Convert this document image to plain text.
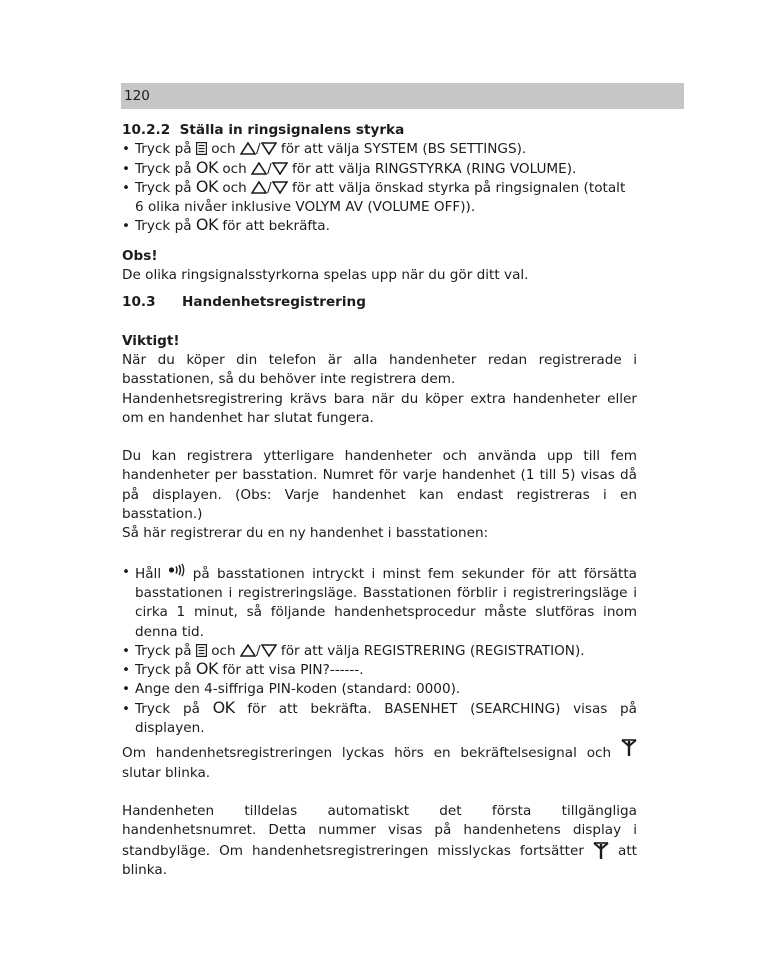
120

10.2.2 Ställa in ringsignalens styrka

• Tryck på och / för att välja SYSTEM (BS SETTINGS).

• Tryck på OK och / för att välja RINGSTYRKA (RING VOLUME).

• Tryck på OK och / för att välja önskad styrka på ringsignalen (totalt
6 olika nivåer inklusive VOLYM AV (VOLUME OFF)).

• Tryck på OK för att bekräfta.

Obs!

De olika ringsignalsstyrkorna spelas upp när du gör ditt val.

10.3 Handenhetsregistrering

Viktigt!

När du köper din telefon är alla handenheter redan registrerade i basstationen, så du behöver inte registrera dem.

Handenhetsregistrering krävs bara när du köper extra handenheter eller om en handenhet har slutat fungera.

Du kan registrera ytterligare handenheter och använda upp till fem handenheter per basstation. Numret för varje handenhet (1 till 5) visas då på displayen. (Obs: Varje handenhet kan endast registreras i en basstation.)

Så här registrerar du en ny handenhet i basstationen:

• Håll på basstationen intryckt i minst fem sekunder för att försätta basstationen i registreringsläge. Basstationen förblir i registreringsläge i cirka 1 minut, så följande handenhetsprocedur måste slutföras inom denna tid.

• Tryck på och / för att välja REGISTRERING (REGISTRATION).

• Tryck på OK för att visa PIN?------.

• Ange den 4-siffriga PIN-koden (standard: 0000).

• Tryck på OK för att bekräfta. BASENHET (SEARCHING) visas på displayen.

Om handenhetsregistreringen lyckas hörs en bekräftelsesignal och  slutar blinka.

Handenheten tilldelas automatiskt det första tillgängliga handenhetsnumret. Detta nummer visas på handenhetens display i standbyläge. Om handenhetsregistreringen misslyckas fortsätter	att blinka.
